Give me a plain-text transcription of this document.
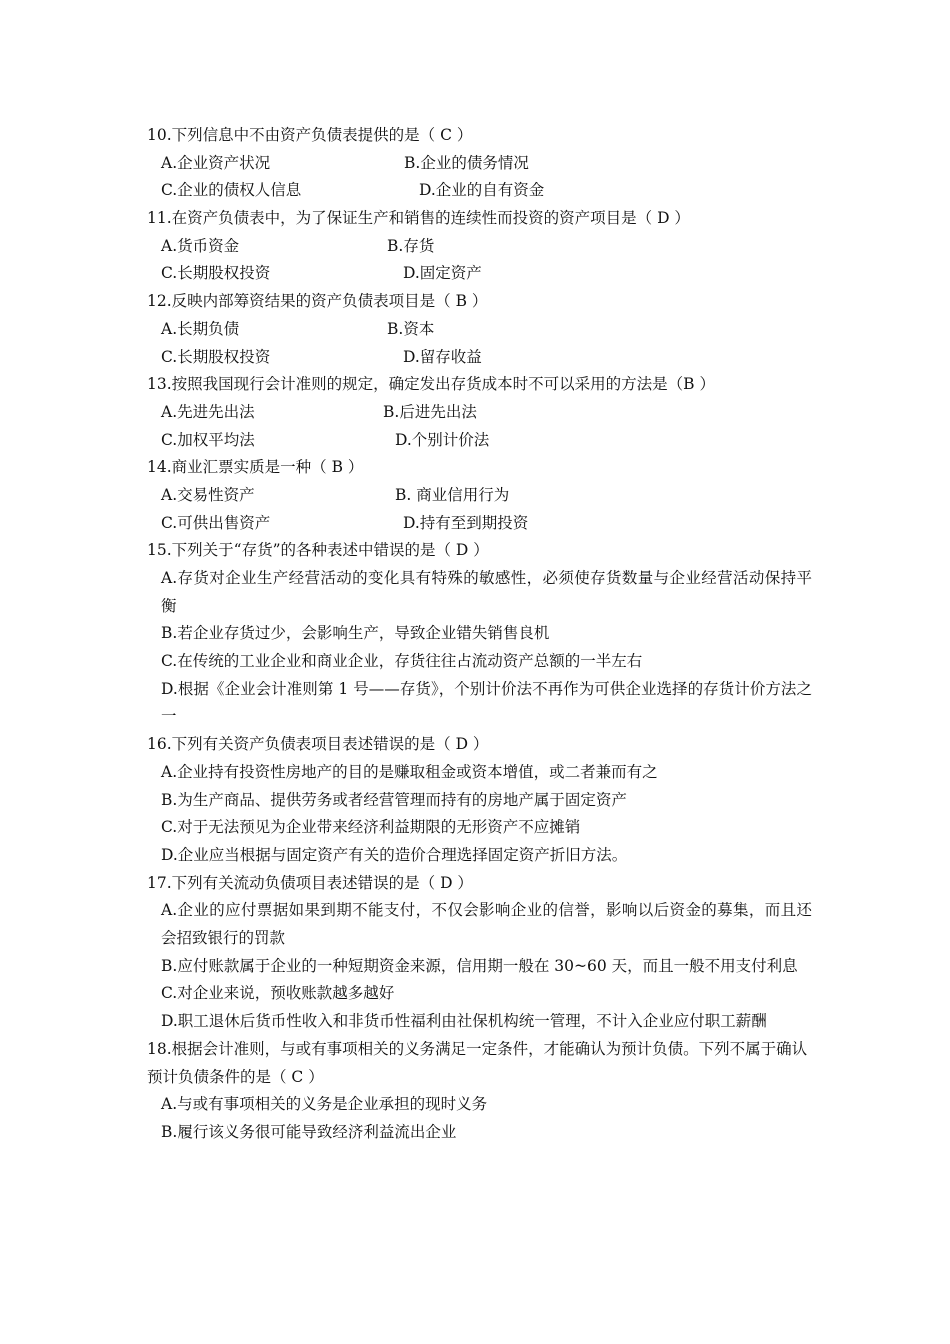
10.下列信息中不由资产负债表提供的是（ C ）
A.企业资产状况	B.企业的债务情况
C.企业的债权人信息	D.企业的自有资金
11.在资产负债表中，为了保证生产和销售的连续性而投资的资产项目是（ D ）
A.货币资金	B.存货
C.长期股权投资	D.固定资产
12.反映内部筹资结果的资产负债表项目是（ B ）
A.长期负债	B.资本
C.长期股权投资	D.留存收益
13.按照我国现行会计准则的规定，确定发出存货成本时不可以采用的方法是（B ）
A.先进先出法	B.后进先出法
C.加权平均法	D.个别计价法
14.商业汇票实质是一种（ B ）
A.交易性资产	B. 商业信用行为
C.可供出售资产	D.持有至到期投资
15.下列关于“存货”的各种表述中错误的是（ D ）
A.存货对企业生产经营活动的变化具有特殊的敏感性，必须使存货数量与企业经营活动保持平衡
B.若企业存货过少，会影响生产，导致企业错失销售良机
C.在传统的工业企业和商业企业，存货往往占流动资产总额的一半左右
D.根据《企业会计准则第 1 号——存货》，个别计价法不再作为可供企业选择的存货计价方法之一
16.下列有关资产负债表项目表述错误的是（ D ）
A.企业持有投资性房地产的目的是赚取租金或资本增值，或二者兼而有之
B.为生产商品、提供劳务或者经营管理而持有的房地产属于固定资产
C.对于无法预见为企业带来经济利益期限的无形资产不应摊销
D.企业应当根据与固定资产有关的造价合理选择固定资产折旧方法。
17.下列有关流动负债项目表述错误的是（ D ）
A.企业的应付票据如果到期不能支付，不仅会影响企业的信誉，影响以后资金的募集，而且还会招致银行的罚款
B.应付账款属于企业的一种短期资金来源，信用期一般在 30~60 天，而且一般不用支付利息
C.对企业来说，预收账款越多越好
D.职工退休后货币性收入和非货币性福利由社保机构统一管理，不计入企业应付职工薪酬
18.根据会计准则，与或有事项相关的义务满足一定条件，才能确认为预计负债。下列不属于确认预计负债条件的是（ C ）
A.与或有事项相关的义务是企业承担的现时义务
B.履行该义务很可能导致经济利益流出企业
